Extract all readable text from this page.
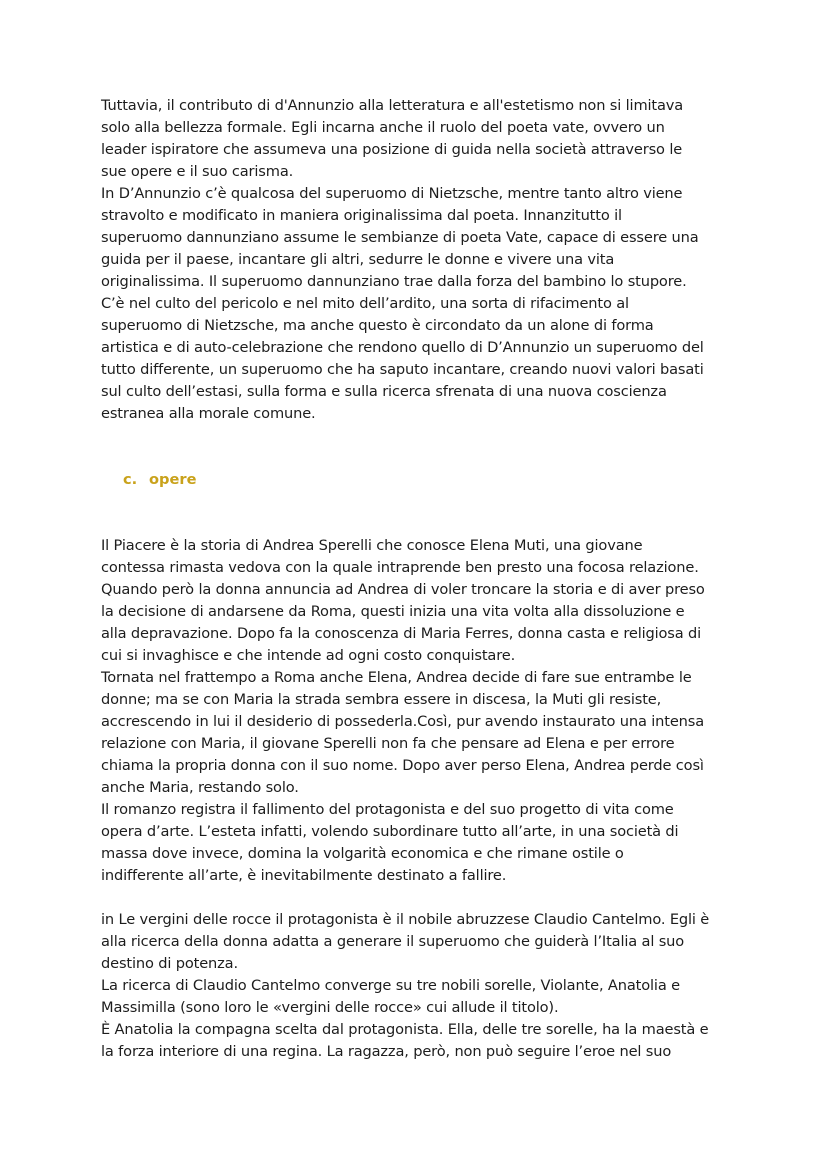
Tuttavia, il contributo di d'Annunzio alla letteratura e all'estetismo non si limitava
solo alla bellezza formale. Egli incarna anche il ruolo del poeta vate, ovvero un
leader ispiratore che assumeva una posizione di guida nella società attraverso le
sue opere e il suo carisma.

In D’Annunzio c’è qualcosa del superuomo di Nietzsche, mentre tanto altro viene
stravolto e modificato in maniera originalissima dal poeta. Innanzitutto il
superuomo dannunziano assume le sembianze di poeta Vate, capace di essere una
guida per il paese, incantare gli altri, sedurre le donne e vivere una vita
originalissima. Il superuomo dannunziano trae dalla forza del bambino lo stupore.
C’è nel culto del pericolo e nel mito dell’ardito, una sorta di rifacimento al
superuomo di Nietzsche, ma anche questo è circondato da un alone di forma
artistica e di auto-celebrazione che rendono quello di D’Annunzio un superuomo del
tutto differente, un superuomo che ha saputo incantare, creando nuovi valori basati
sul culto dell’estasi, sulla forma e sulla ricerca sfrenata di una nuova coscienza
estranea alla morale comune.

c. opere

Il Piacere è la storia di Andrea Sperelli che conosce Elena Muti, una giovane
contessa rimasta vedova con la quale intraprende ben presto una focosa relazione.
Quando però la donna annuncia ad Andrea di voler troncare la storia e di aver preso
la decisione di andarsene da Roma, questi inizia una vita volta alla dissoluzione e
alla depravazione. Dopo fa la conoscenza di Maria Ferres, donna casta e religiosa di
cui si invaghisce e che intende ad ogni costo conquistare.

Tornata nel frattempo a Roma anche Elena, Andrea decide di fare sue entrambe le
donne; ma se con Maria la strada sembra essere in discesa, la Muti gli resiste,
accrescendo in lui il desiderio di possederla.Così, pur avendo instaurato una intensa
relazione con Maria, il giovane Sperelli non fa che pensare ad Elena e per errore
chiama la propria donna con il suo nome. Dopo aver perso Elena, Andrea perde così
anche Maria, restando solo.

Il romanzo registra il fallimento del protagonista e del suo progetto di vita come
opera d’arte. L’esteta infatti, volendo subordinare tutto all’arte, in una società di
massa dove invece, domina la volgarità economica e che rimane ostile o
indifferente all’arte, è inevitabilmente destinato a fallire.

in Le vergini delle rocce il protagonista è il nobile abruzzese Claudio Cantelmo. Egli è
alla ricerca della donna adatta a generare il superuomo che guiderà l’Italia al suo
destino di potenza.

La ricerca di Claudio Cantelmo converge su tre nobili sorelle, Violante, Anatolia e
Massimilla (sono loro le «vergini delle rocce» cui allude il titolo).

È Anatolia la compagna scelta dal protagonista. Ella, delle tre sorelle, ha la maestà e
la forza interiore di una regina. La ragazza, però, non può seguire l’eroe nel suo
